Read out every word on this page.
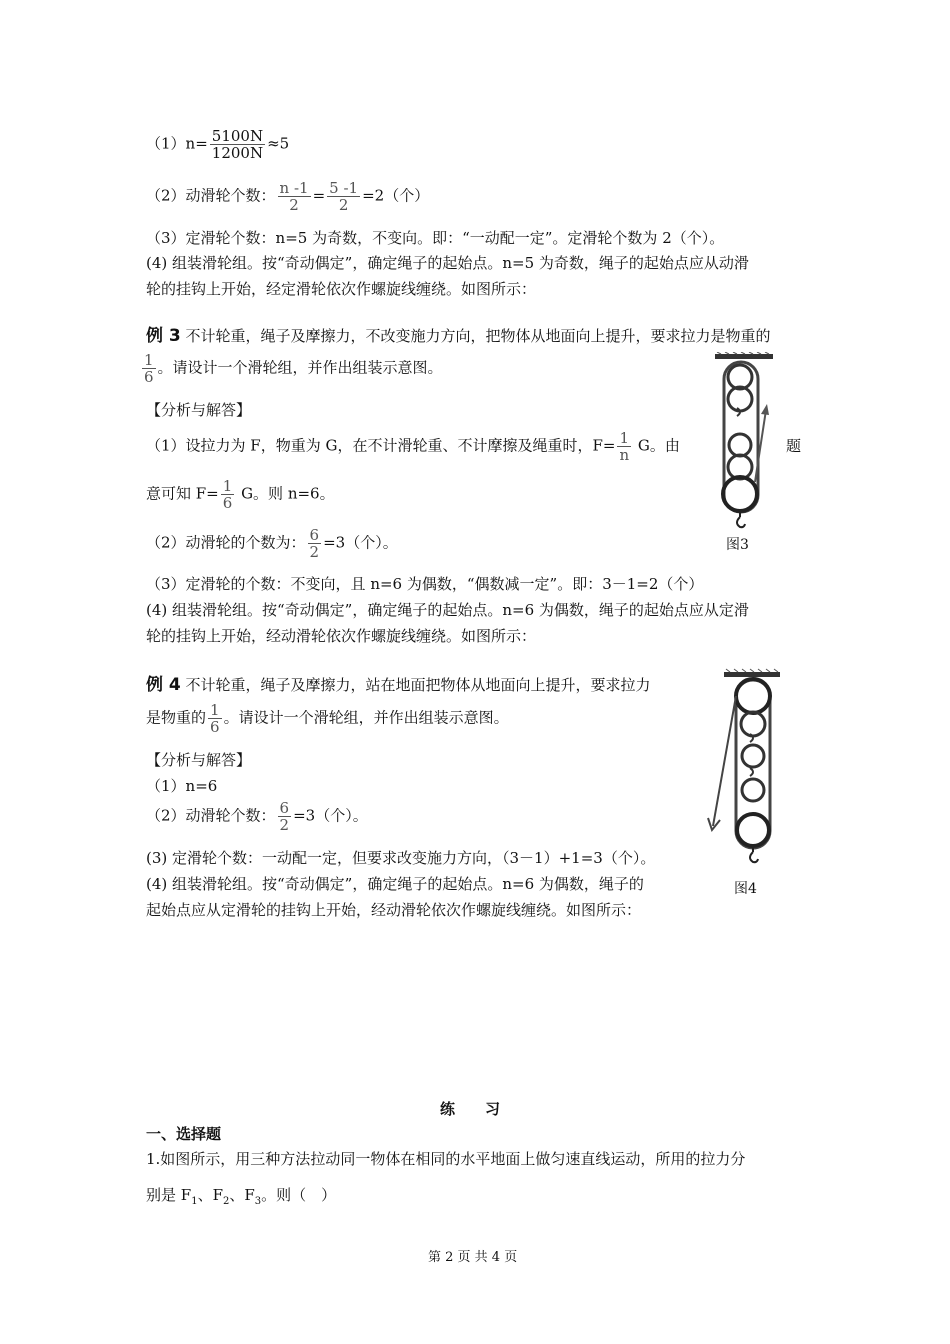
$(1)n= \frac{5100N}{1200N} \approx 5$
（2）动滑轮个数： $\frac{n -1}{2} = \frac{5 -1}{2} =2$（个）
（3）定滑轮个数：n=5 为奇数，不变向。即：“一动配一定”。定滑轮个数为 2（个）。
(4) 组装滑轮组。按“奇动偶定”，确定绳子的起始点。n=5 为奇数，绳子的起始点应从动滑
轮的挂钩上开始，经定滑轮依次作螺旋线缠绕。如图所示：
例 3 不计轮重，绳子及摩擦力，不改变施力方向，把物体从地面向上提升，要求拉力是物重的
$\frac{1}{6}$ 。请设计一个滑轮组，并作出组装示意图。
【分析与解答】
（1）设拉力为 F，物重为 G，在不计滑轮重、不计摩擦及绳重时，$F= \frac{1}{n}$ G。由	题
意可知 $F= \frac{1}{6}$ G。则 n=6。
（2）动滑轮的个数为： $\frac{6}{2} =3$（个）。
（3）定滑轮的个数：不变向，且 n=6 为偶数，“偶数减一定”。即：3－1=2（个）
(4) 组装滑轮组。按“奇动偶定”，确定绳子的起始点。n=6 为偶数，绳子的起始点应从定滑
轮的挂钩上开始，经动滑轮依次作螺旋线缠绕。如图所示：
图3
例 4 不计轮重，绳子及摩擦力，站在地面把物体从地面向上提升，要求拉力
是物重的 $\frac{1}{6}$ 。请设计一个滑轮组，并作出组装示意图。
【分析与解答】
（1）n=6
（2）动滑轮个数： $\frac{6}{2} =3$（个）。
(3) 定滑轮个数：一动配一定，但要求改变施力方向，（3－1）+1=3（个）。
(4) 组装滑轮组。按“奇动偶定”，确定绳子的起始点。n=6 为偶数，绳子的
起始点应从定滑轮的挂钩上开始，经动滑轮依次作螺旋线缠绕。如图所示：
图4
练　　习
一、选择题
1.如图所示，用三种方法拉动同一物体在相同的水平地面上做匀速直线运动，所用的拉力分
别是 $F_1$、$F_2$、$F_3$。则（　）
第 2 页 共 4 页
